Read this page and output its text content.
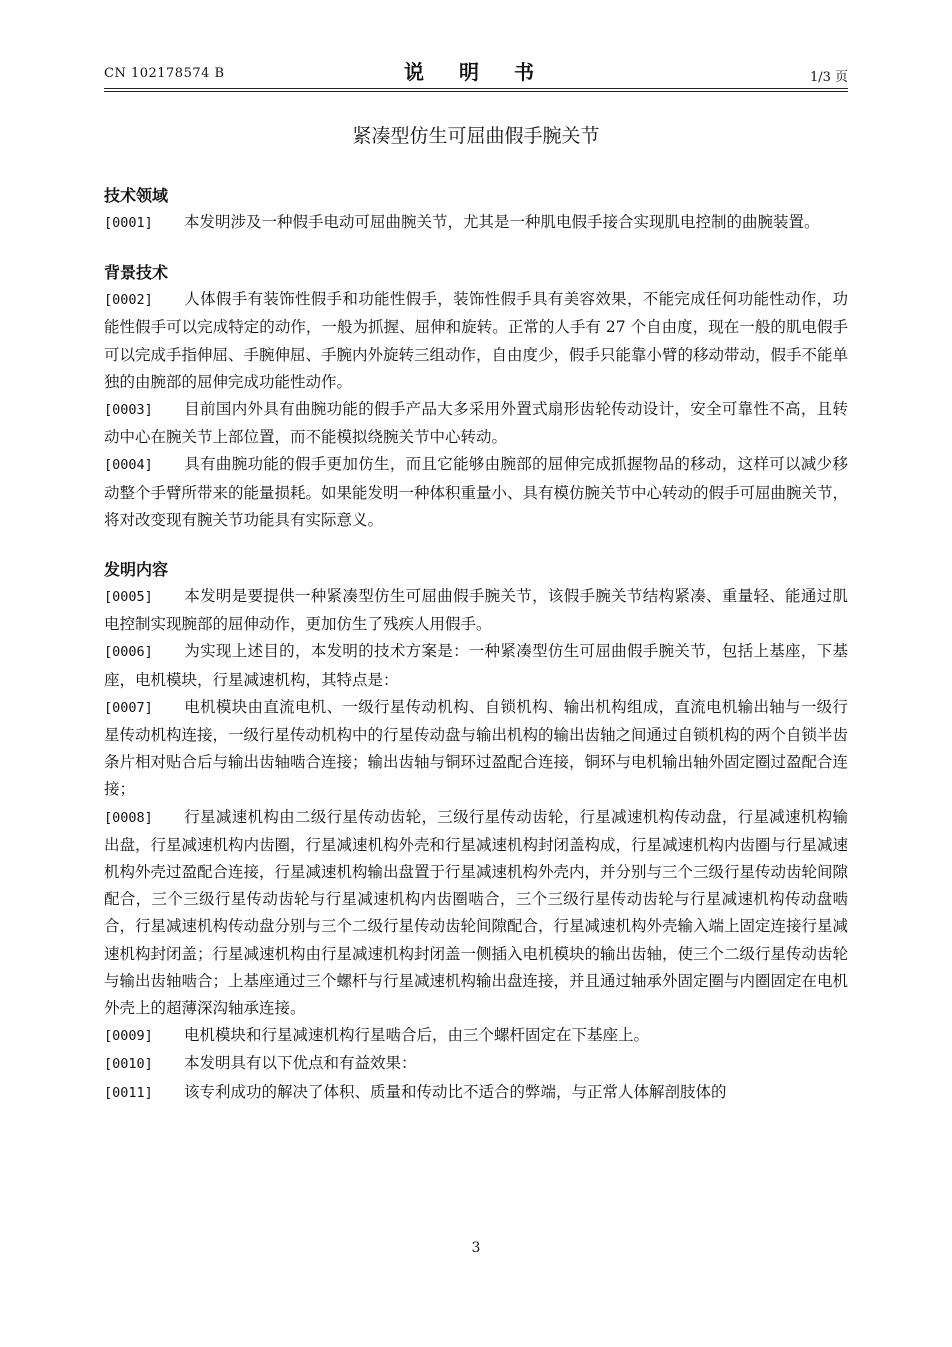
CN 102178574 B	说 明 书	1/3 页
紧凑型仿生可屈曲假手腕关节
技术领域

[0001] 本发明涉及一种假手电动可屈曲腕关节，尤其是一种肌电假手接合实现肌电控制的曲腕装置。

背景技术

[0002] 人体假手有装饰性假手和功能性假手，装饰性假手具有美容效果，不能完成任何功能性动作，功能性假手可以完成特定的动作，一般为抓握、屈伸和旋转。正常的人手有 27 个自由度，现在一般的肌电假手可以完成手指伸屈、手腕伸屈、手腕内外旋转三组动作，自由度少，假手只能靠小臂的移动带动，假手不能单独的由腕部的屈伸完成功能性动作。

[0003] 目前国内外具有曲腕功能的假手产品大多采用外置式扇形齿轮传动设计，安全可靠性不高，且转动中心在腕关节上部位置，而不能模拟绕腕关节中心转动。

[0004] 具有曲腕功能的假手更加仿生，而且它能够由腕部的屈伸完成抓握物品的移动，这样可以减少移动整个手臂所带来的能量损耗。如果能发明一种体积重量小、具有模仿腕关节中心转动的假手可屈曲腕关节，将对改变现有腕关节功能具有实际意义。

发明内容

[0005] 本发明是要提供一种紧凑型仿生可屈曲假手腕关节，该假手腕关节结构紧凑、重量轻、能通过肌电控制实现腕部的屈伸动作，更加仿生了残疾人用假手。

[0006] 为实现上述目的，本发明的技术方案是：一种紧凑型仿生可屈曲假手腕关节，包括上基座，下基座，电机模块，行星减速机构，其特点是：

[0007] 电机模块由直流电机、一级行星传动机构、自锁机构、输出机构组成，直流电机输出轴与一级行星传动机构连接，一级行星传动机构中的行星传动盘与输出机构的输出齿轴之间通过自锁机构的两个自锁半齿条片相对贴合后与输出齿轴啮合连接；输出齿轴与铜环过盈配合连接，铜环与电机输出轴外固定圈过盈配合连接；

[0008] 行星减速机构由二级行星传动齿轮，三级行星传动齿轮，行星减速机构传动盘，行星减速机构输出盘，行星减速机构内齿圈，行星减速机构外壳和行星减速机构封闭盖构成，行星减速机构内齿圈与行星减速机构外壳过盈配合连接，行星减速机构输出盘置于行星减速机构外壳内，并分别与三个三级行星传动齿轮间隙配合，三个三级行星传动齿轮与行星减速机构内齿圈啮合，三个三级行星传动齿轮与行星减速机构传动盘啮合，行星减速机构传动盘分别与三个二级行星传动齿轮间隙配合，行星减速机构外壳输入端上固定连接行星减速机构封闭盖；行星减速机构由行星减速机构封闭盖一侧插入电机模块的输出齿轴，使三个二级行星传动齿轮与输出齿轴啮合；上基座通过三个螺杆与行星减速机构输出盘连接，并且通过轴承外固定圈与内圈固定在电机外壳上的超薄深沟轴承连接。

[0009] 电机模块和行星减速机构行星啮合后，由三个螺杆固定在下基座上。

[0010] 本发明具有以下优点和有益效果：

[0011] 该专利成功的解决了体积、质量和传动比不适合的弊端，与正常人体解剖肢体的

3
